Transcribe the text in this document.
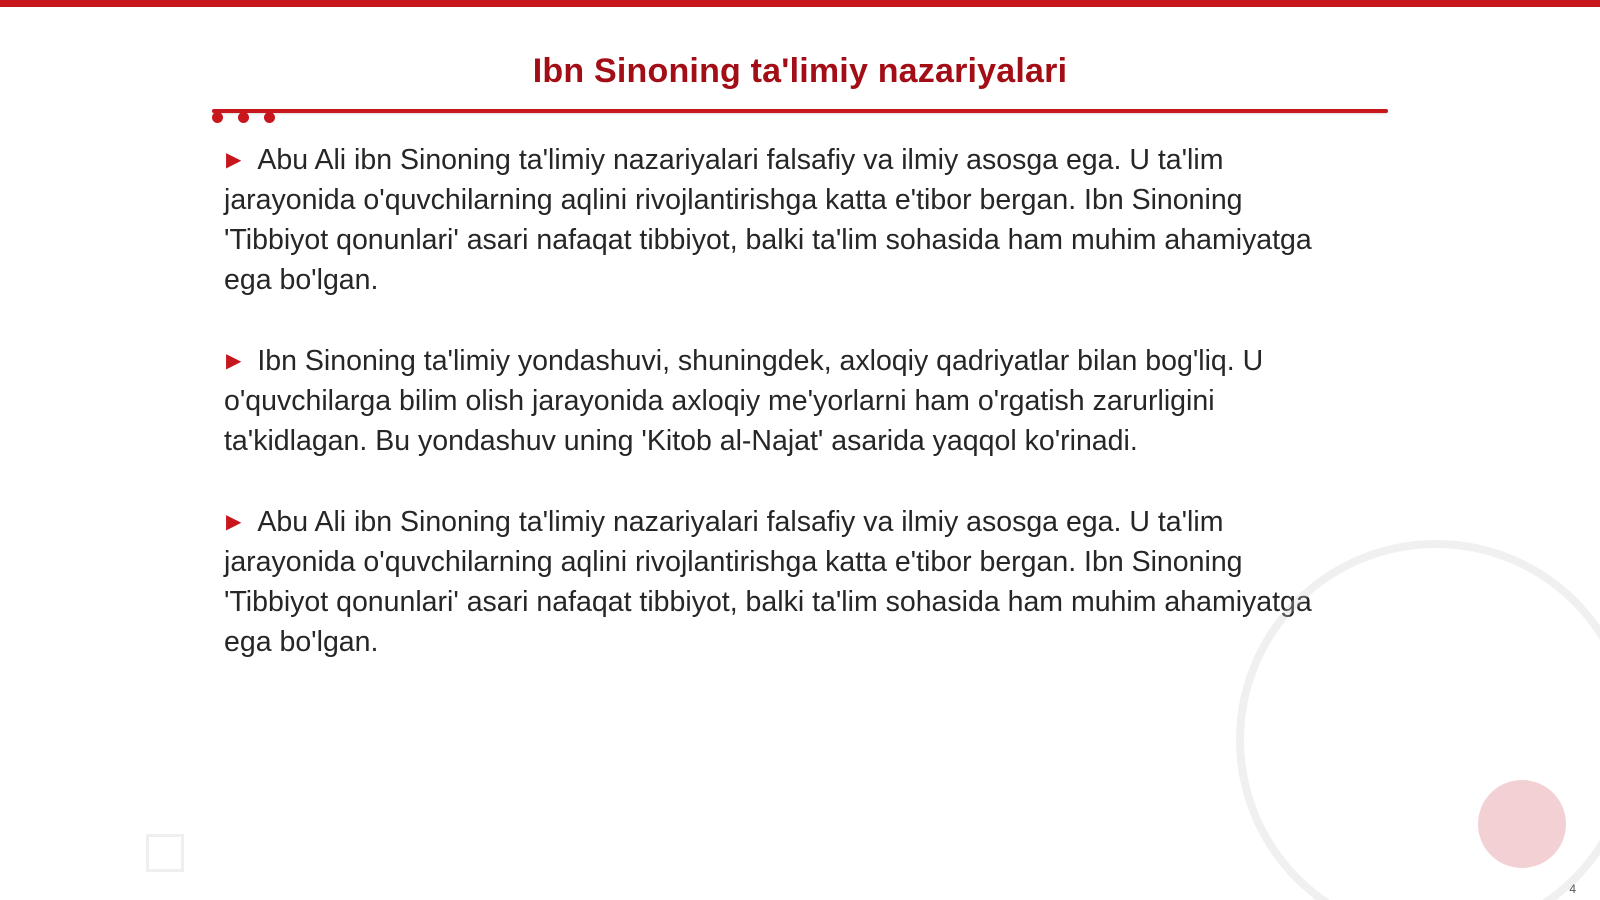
Ibn Sinoning ta'limiy nazariyalari

▶ Abu Ali ibn Sinoning ta'limiy nazariyalari falsafiy va ilmiy asosga ega. U ta'lim jarayonida o'quvchilarning aqlini rivojlantirishga katta e'tibor bergan. Ibn Sinoning 'Tibbiyot qonunlari' asari nafaqat tibbiyot, balki ta'lim sohasida ham muhim ahamiyatga ega bo'lgan.

▶ Ibn Sinoning ta'limiy yondashuvi, shuningdek, axloqiy qadriyatlar bilan bog'liq. U o'quvchilarga bilim olish jarayonida axloqiy me'yorlarni ham o'rgatish zarurligini ta'kidlagan. Bu yondashuv uning 'Kitob al-Najat' asarida yaqqol ko'rinadi.

▶ Abu Ali ibn Sinoning ta'limiy nazariyalari falsafiy va ilmiy asosga ega. U ta'lim jarayonida o'quvchilarning aqlini rivojlantirishga katta e'tibor bergan. Ibn Sinoning 'Tibbiyot qonunlari' asari nafaqat tibbiyot, balki ta'lim sohasida ham muhim ahamiyatga ega bo'lgan.

4
